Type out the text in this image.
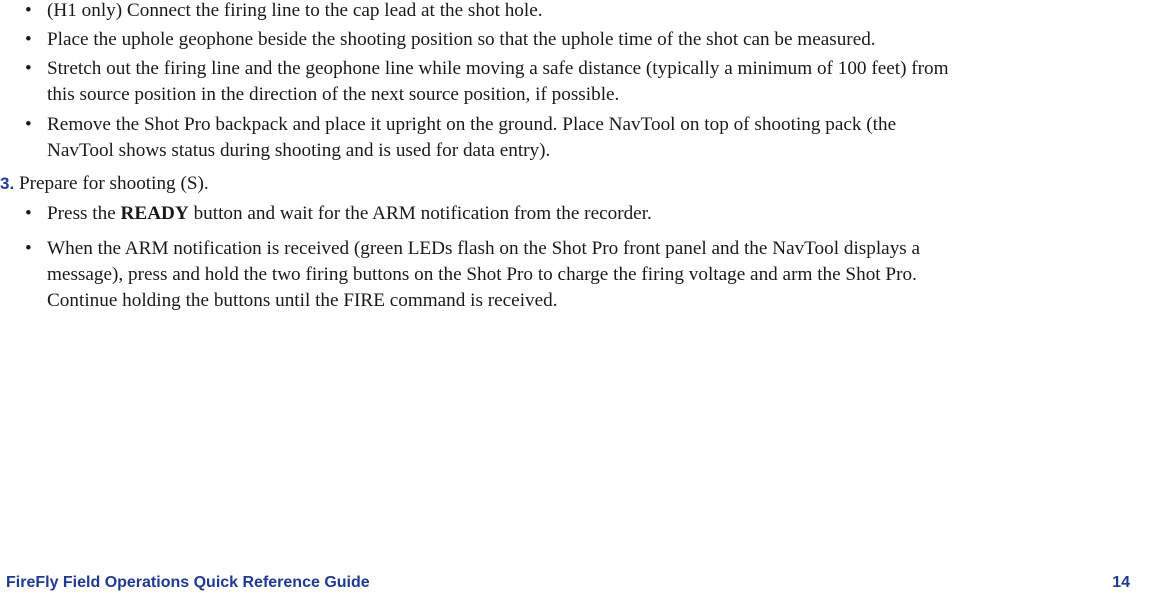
• (H1 only) Connect the firing line to the cap lead at the shot hole.
• Place the uphole geophone beside the shooting position so that the uphole time of the shot can be measured.
• Stretch out the firing line and the geophone line while moving a safe distance (typically a minimum of 100 feet) from
this source position in the direction of the next source position, if possible.
• Remove the Shot Pro backpack and place it upright on the ground. Place NavTool on top of shooting pack (the
NavTool shows status during shooting and is used for data entry).
3. Prepare for shooting (S).
• Press the READY button and wait for the ARM notification from the recorder.
• When the ARM notification is received (green LEDs flash on the Shot Pro front panel and the NavTool displays a
message), press and hold the two firing buttons on the Shot Pro to charge the firing voltage and arm the Shot Pro.
Continue holding the buttons until the FIRE command is received.
FireFly Field Operations Quick Reference Guide	14
